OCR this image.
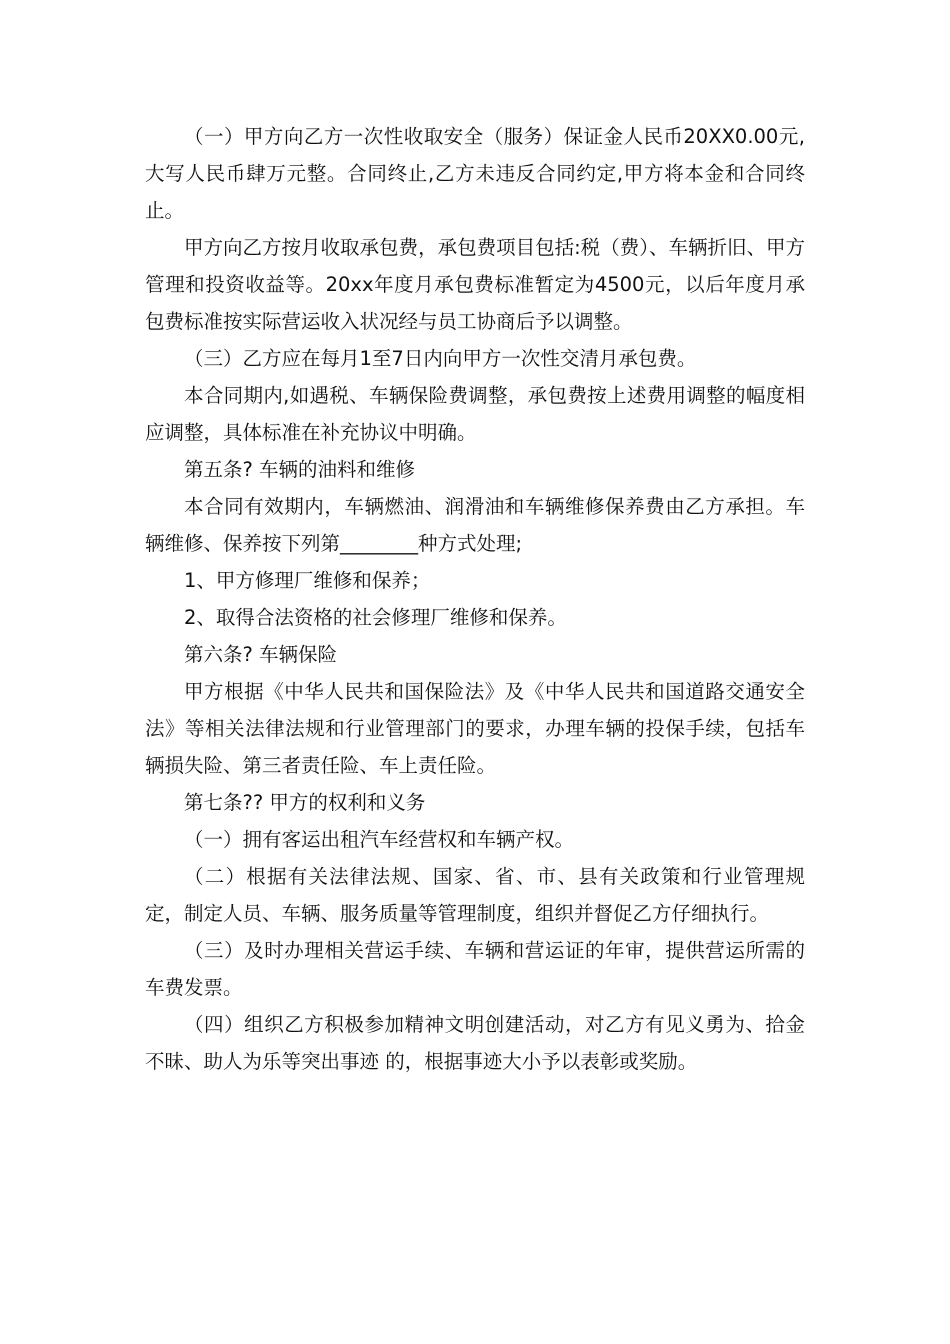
（一）甲方向乙方一次性收取安全（服务）保证金人民币20XX0.00元,大写人民币肆万元整。合同终止,乙方未违反合同约定,甲方将本金和合同终止。

甲方向乙方按月收取承包费，承包费项目包括:税（费）、车辆折旧、甲方管理和投资收益等。20xx年度月承包费标准暂定为4500元，以后年度月承包费标准按实际营运收入状况经与员工协商后予以调整。

（三）乙方应在每月1至7日内向甲方一次性交清月承包费。

本合同期内,如遇税、车辆保险费调整，承包费按上述费用调整的幅度相应调整，具体标准在补充协议中明确。

第五条? 车辆的油料和维修

本合同有效期内，车辆燃油、润滑油和车辆维修保养费由乙方承担。车辆维修、保养按下列第________种方式处理;

1、甲方修理厂维修和保养；

2、取得合法资格的社会修理厂维修和保养。

第六条? 车辆保险

甲方根据《中华人民共和国保险法》及《中华人民共和国道路交通安全法》等相关法律法规和行业管理部门的要求，办理车辆的投保手续，包括车辆损失险、第三者责任险、车上责任险。

第七条?? 甲方的权利和义务

（一）拥有客运出租汽车经营权和车辆产权。

（二）根据有关法律法规、国家、省、市、县有关政策和行业管理规定，制定人员、车辆、服务质量等管理制度，组织并督促乙方仔细执行。

（三）及时办理相关营运手续、车辆和营运证的年审，提供营运所需的车费发票。

（四）组织乙方积极参加精神文明创建活动，对乙方有见义勇为、拾金不昧、助人为乐等突出事迹 的，根据事迹大小予以表彰或奖励。
